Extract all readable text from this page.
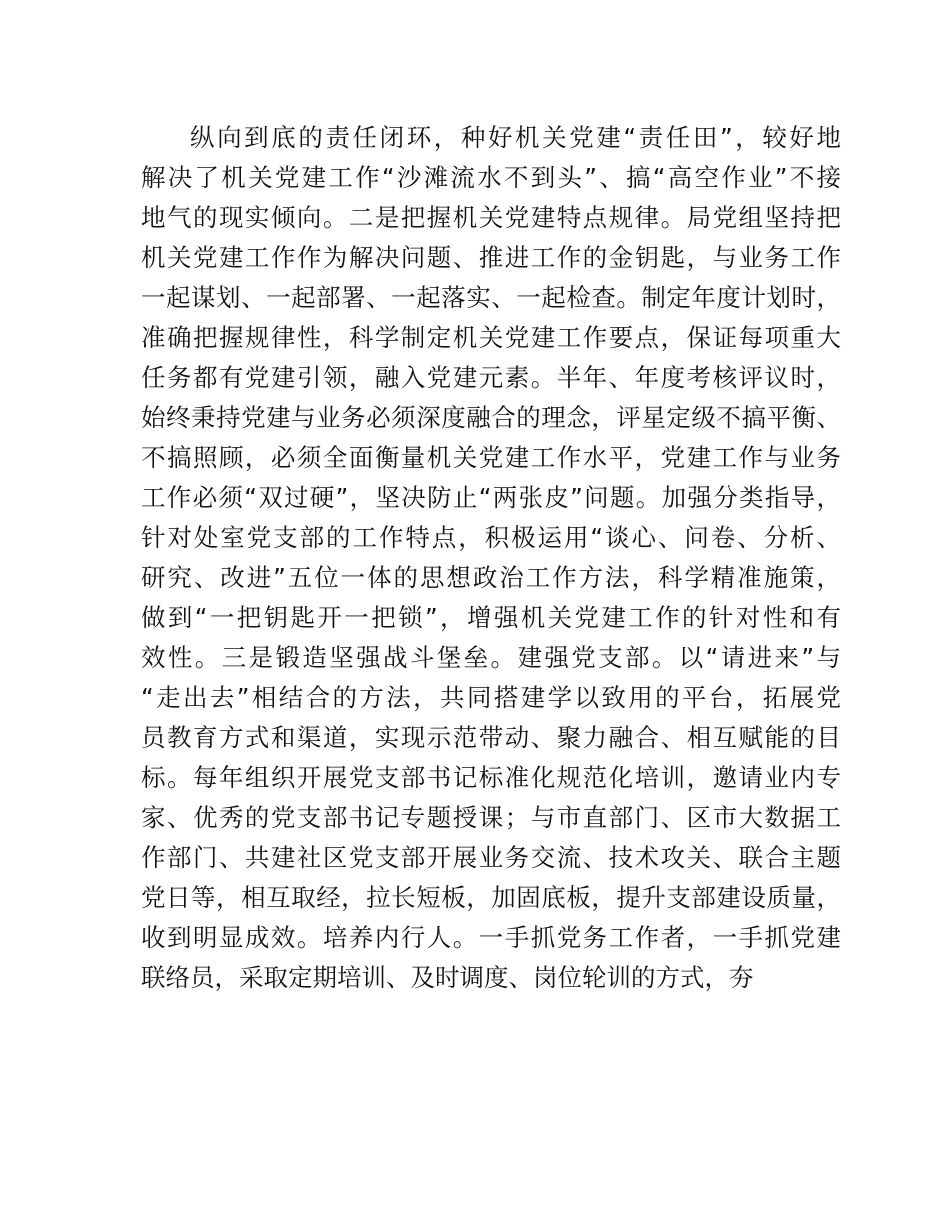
纵向到底的责任闭环，种好机关党建“责任田”，较好地
解决了机关党建工作“沙滩流水不到头”、搞“高空作业”不接
地气的现实倾向。二是把握机关党建特点规律。局党组坚持把
机关党建工作作为解决问题、推进工作的金钥匙，与业务工作
一起谋划、一起部署、一起落实、一起检查。制定年度计划时，
准确把握规律性，科学制定机关党建工作要点，保证每项重大
任务都有党建引领，融入党建元素。半年、年度考核评议时，
始终秉持党建与业务必须深度融合的理念，评星定级不搞平衡、
不搞照顾，必须全面衡量机关党建工作水平，党建工作与业务
工作必须“双过硬”，坚决防止“两张皮”问题。加强分类指导，
针对处室党支部的工作特点，积极运用“谈心、问卷、分析、
研究、改进”五位一体的思想政治工作方法，科学精准施策，
做到“一把钥匙开一把锁”，增强机关党建工作的针对性和有
效性。三是锻造坚强战斗堡垒。建强党支部。以“请进来”与
“走出去”相结合的方法，共同搭建学以致用的平台，拓展党
员教育方式和渠道，实现示范带动、聚力融合、相互赋能的目
标。每年组织开展党支部书记标准化规范化培训，邀请业内专
家、优秀的党支部书记专题授课；与市直部门、区市大数据工
作部门、共建社区党支部开展业务交流、技术攻关、联合主题
党日等，相互取经，拉长短板，加固底板，提升支部建设质量，
收到明显成效。培养内行人。一手抓党务工作者，一手抓党建
联络员，采取定期培训、及时调度、岗位轮训的方式，夯
